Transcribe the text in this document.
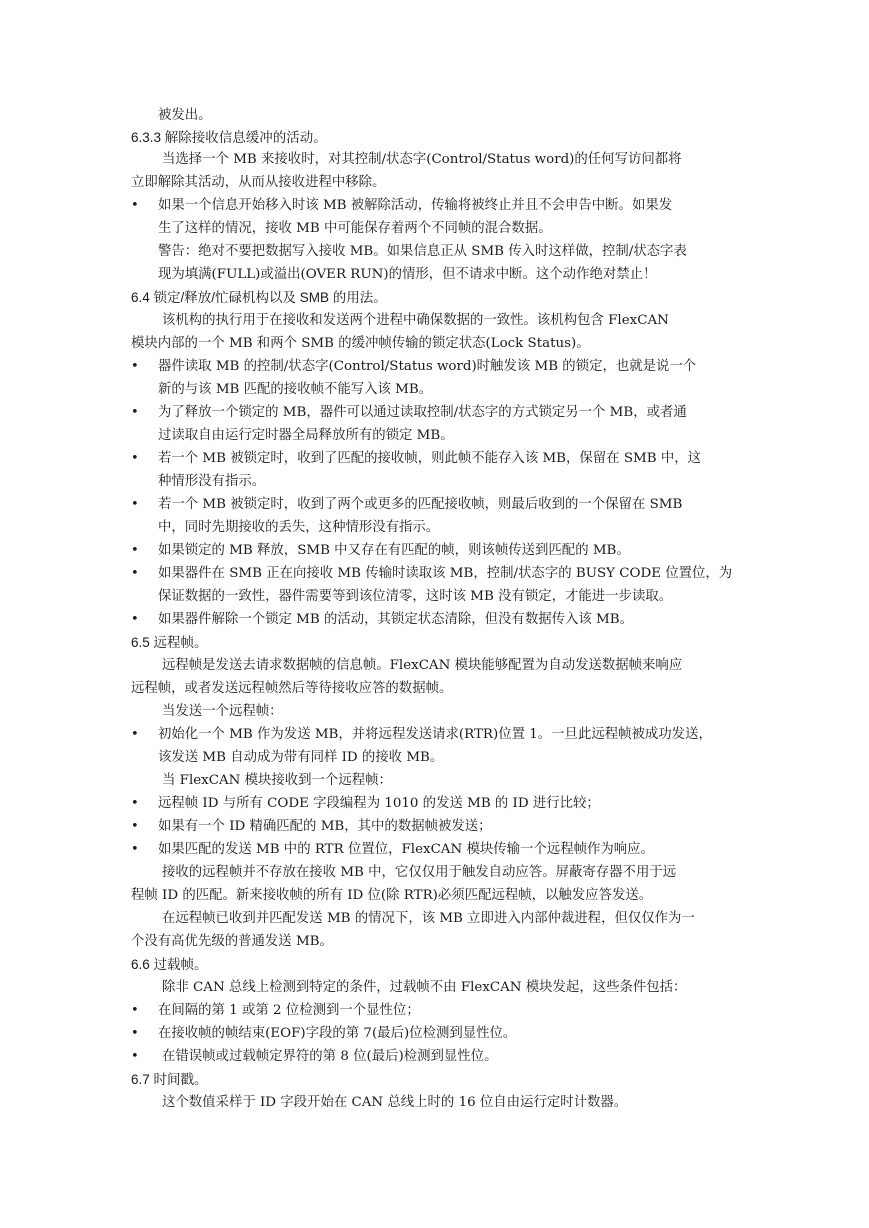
被发出。
6.3.3 解除接收信息缓冲的活动。
当选择一个 MB 来接收时，对其控制/状态字(Control/Status word)的任何写访问都将
立即解除其活动，从而从接收进程中移除。
如果一个信息开始移入时该 MB 被解除活动，传输将被终止并且不会申告中断。如果发
•
生了这样的情况，接收 MB 中可能保存着两个不同帧的混合数据。
警告：绝对不要把数据写入接收 MB。如果信息正从 SMB 传入时这样做，控制/状态字表
现为填满(FULL)或溢出(OVER RUN)的情形，但不请求中断。这个动作绝对禁止！
6.4 锁定/释放/忙碌机构以及 SMB 的用法。
该机构的执行用于在接收和发送两个进程中确保数据的一致性。该机构包含 FlexCAN
模块内部的一个 MB 和两个 SMB 的缓冲帧传输的锁定状态(Lock Status)。
器件读取 MB 的控制/状态字(Control/Status word)时触发该 MB 的锁定，也就是说一个
•
新的与该 MB 匹配的接收帧不能写入该 MB。
为了释放一个锁定的 MB，器件可以通过读取控制/状态字的方式锁定另一个 MB，或者通
•
过读取自由运行定时器全局释放所有的锁定 MB。
若一个 MB 被锁定时，收到了匹配的接收帧，则此帧不能存入该 MB，保留在 SMB 中，这
•
种情形没有指示。
若一个 MB 被锁定时，收到了两个或更多的匹配接收帧，则最后收到的一个保留在 SMB
•
中，同时先期接收的丢失，这种情形没有指示。
如果锁定的 MB 释放，SMB 中又存在有匹配的帧，则该帧传送到匹配的 MB。
•
如果器件在 SMB 正在向接收 MB 传输时读取该 MB，控制/状态字的 BUSY CODE 位置位，为
•
保证数据的一致性，器件需要等到该位清零，这时该 MB 没有锁定，才能进一步读取。
如果器件解除一个锁定 MB 的活动，其锁定状态清除，但没有数据传入该 MB。
•
6.5 远程帧。
远程帧是发送去请求数据帧的信息帧。FlexCAN 模块能够配置为自动发送数据帧来响应
远程帧，或者发送远程帧然后等待接收应答的数据帧。
当发送一个远程帧：
初始化一个 MB 作为发送 MB，并将远程发送请求(RTR)位置 1。一旦此远程帧被成功发送，
•
该发送 MB 自动成为带有同样 ID 的接收 MB。
当 FlexCAN 模块接收到一个远程帧：
远程帧 ID 与所有 CODE 字段编程为 1010 的发送 MB 的 ID 进行比较；
•
如果有一个 ID 精确匹配的 MB，其中的数据帧被发送；
•
如果匹配的发送 MB 中的 RTR 位置位，FlexCAN 模块传输一个远程帧作为响应。
•
接收的远程帧并不存放在接收 MB 中，它仅仅用于触发自动应答。屏蔽寄存器不用于远
程帧 ID 的匹配。新来接收帧的所有 ID 位(除 RTR)必须匹配远程帧，以触发应答发送。
在远程帧已收到并匹配发送 MB 的情况下，该 MB 立即进入内部仲裁进程，但仅仅作为一
个没有高优先级的普通发送 MB。
6.6 过载帧。
除非 CAN 总线上检测到特定的条件，过载帧不由 FlexCAN 模块发起，这些条件包括：
在间隔的第 1 或第 2 位检测到一个显性位；
•
在接收帧的帧结束(EOF)字段的第 7(最后)位检测到显性位。
•
在错误帧或过载帧定界符的第 8 位(最后)检测到显性位。
•
6.7 时间戳。
这个数值采样于 ID 字段开始在 CAN 总线上时的 16 位自由运行定时计数器。
